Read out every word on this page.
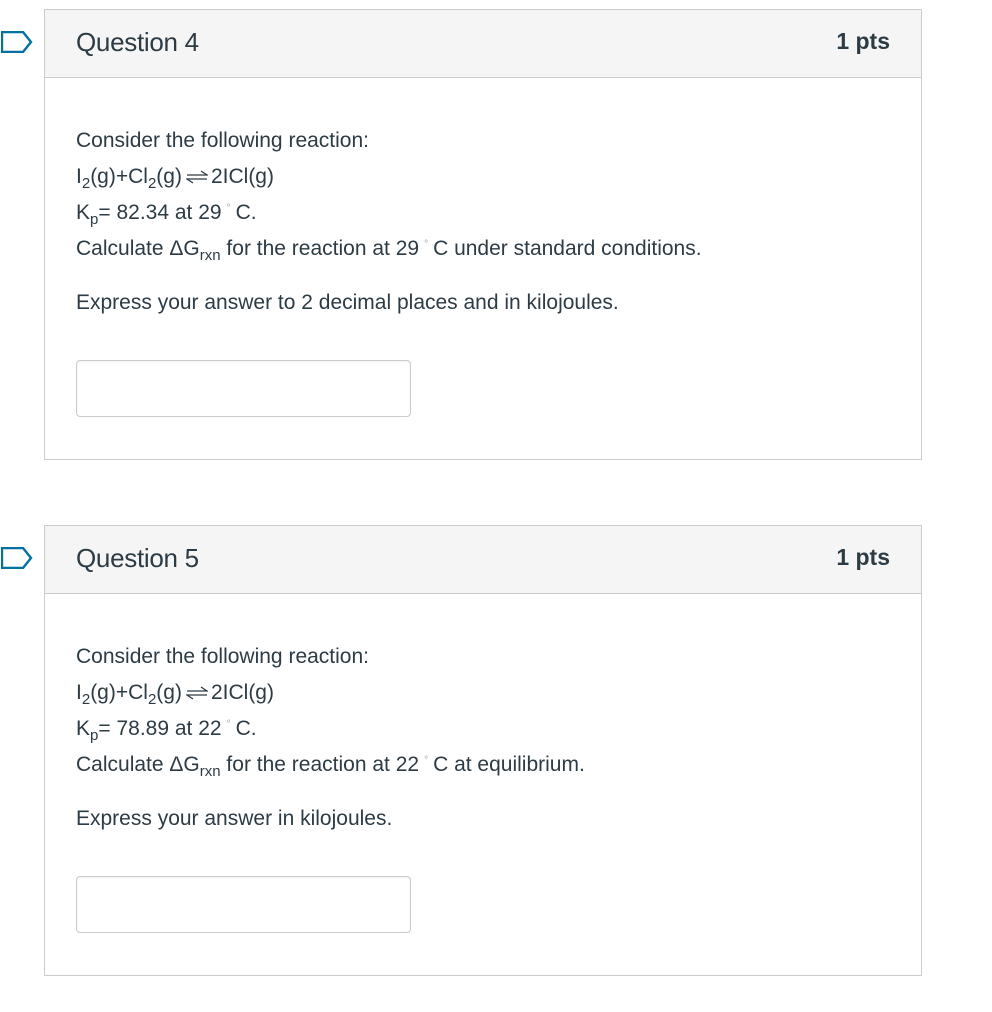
Question 4	1 pts
Consider the following reaction:
$I_2(g)+Cl_2(g)$ ⇌ 2ICl(g)
$K_p= 82.34$ at 29 ° C.
Calculate $\Delta G_{rxn}$ for the reaction at 29 ° C under standard conditions.
Express your answer to 2 decimal places and in kilojoules.
Question 5	1 pts
Consider the following reaction:
$I_2(g)+Cl_2(g)$ ⇌ 2ICl(g)
$K_p= 78.89$ at 22 ° C.
Calculate $\Delta G_{rxn}$ for the reaction at 22 ° C at equilibrium.
Express your answer in kilojoules.
